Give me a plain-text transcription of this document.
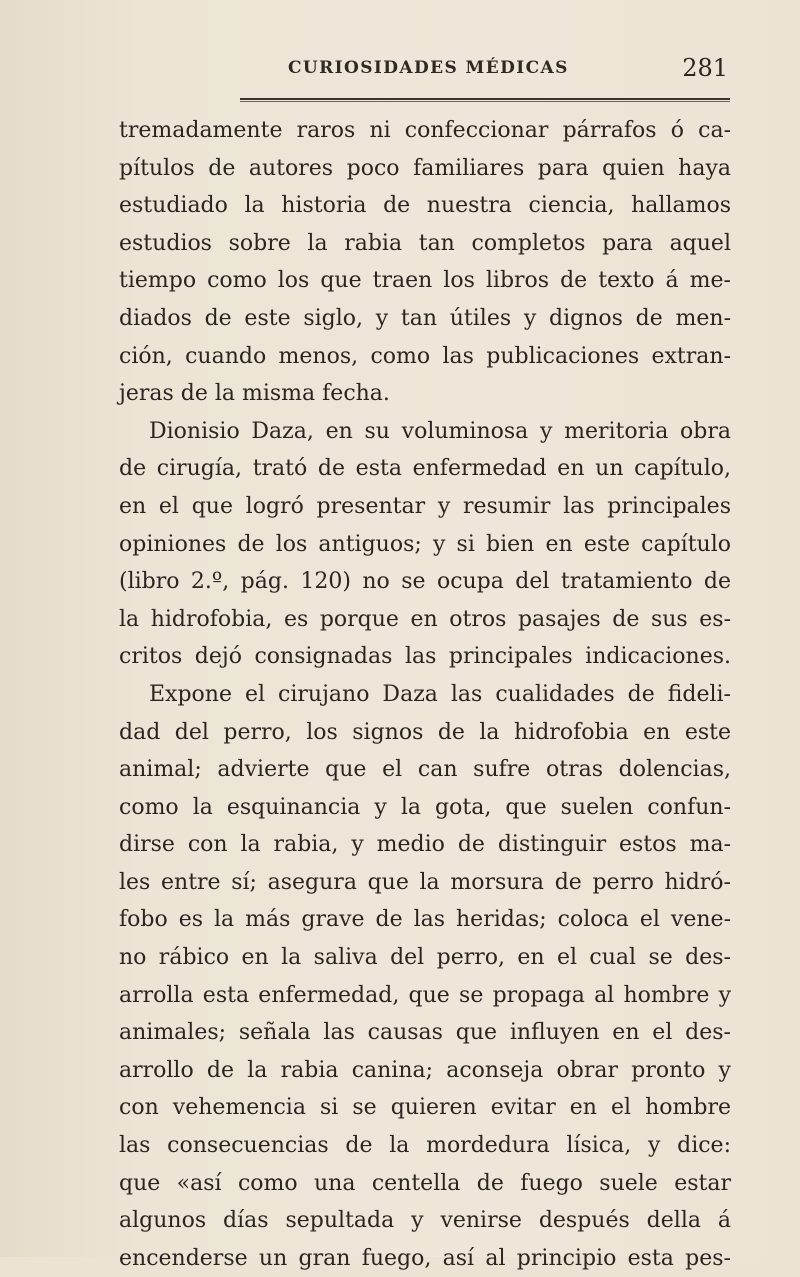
CURIOSIDADES MÉDICAS	281
tremadamente raros ni confeccionar párrafos ó ca-
pítulos de autores poco familiares para quien haya
estudiado la historia de nuestra ciencia, hallamos
estudios sobre la rabia tan completos para aquel
tiempo como los que traen los libros de texto á me-
diados de este siglo, y tan útiles y dignos de men-
ción, cuando menos, como las publicaciones extran-
jeras de la misma fecha.
Dionisio Daza, en su voluminosa y meritoria obra
de cirugía, trató de esta enfermedad en un capítulo,
en el que logró presentar y resumir las principales
opiniones de los antiguos; y si bien en este capítulo
(libro 2.º, pág. 120) no se ocupa del tratamiento de
la hidrofobia, es porque en otros pasajes de sus es-
critos dejó consignadas las principales indicaciones.
Expone el cirujano Daza las cualidades de fideli-
dad del perro, los signos de la hidrofobia en este
animal; advierte que el can sufre otras dolencias,
como la esquinancia y la gota, que suelen confun-
dirse con la rabia, y medio de distinguir estos ma-
les entre sí; asegura que la morsura de perro hidró-
fobo es la más grave de las heridas; coloca el vene-
no rábico en la saliva del perro, en el cual se des-
arrolla esta enfermedad, que se propaga al hombre y
animales; señala las causas que influyen en el des-
arrollo de la rabia canina; aconseja obrar pronto y
con vehemencia si se quieren evitar en el hombre
las consecuencias de la mordedura lísica, y dice:
que «así como una centella de fuego suele estar
algunos días sepultada y venirse después della á
encenderse un gran fuego, así al principio esta pes-
